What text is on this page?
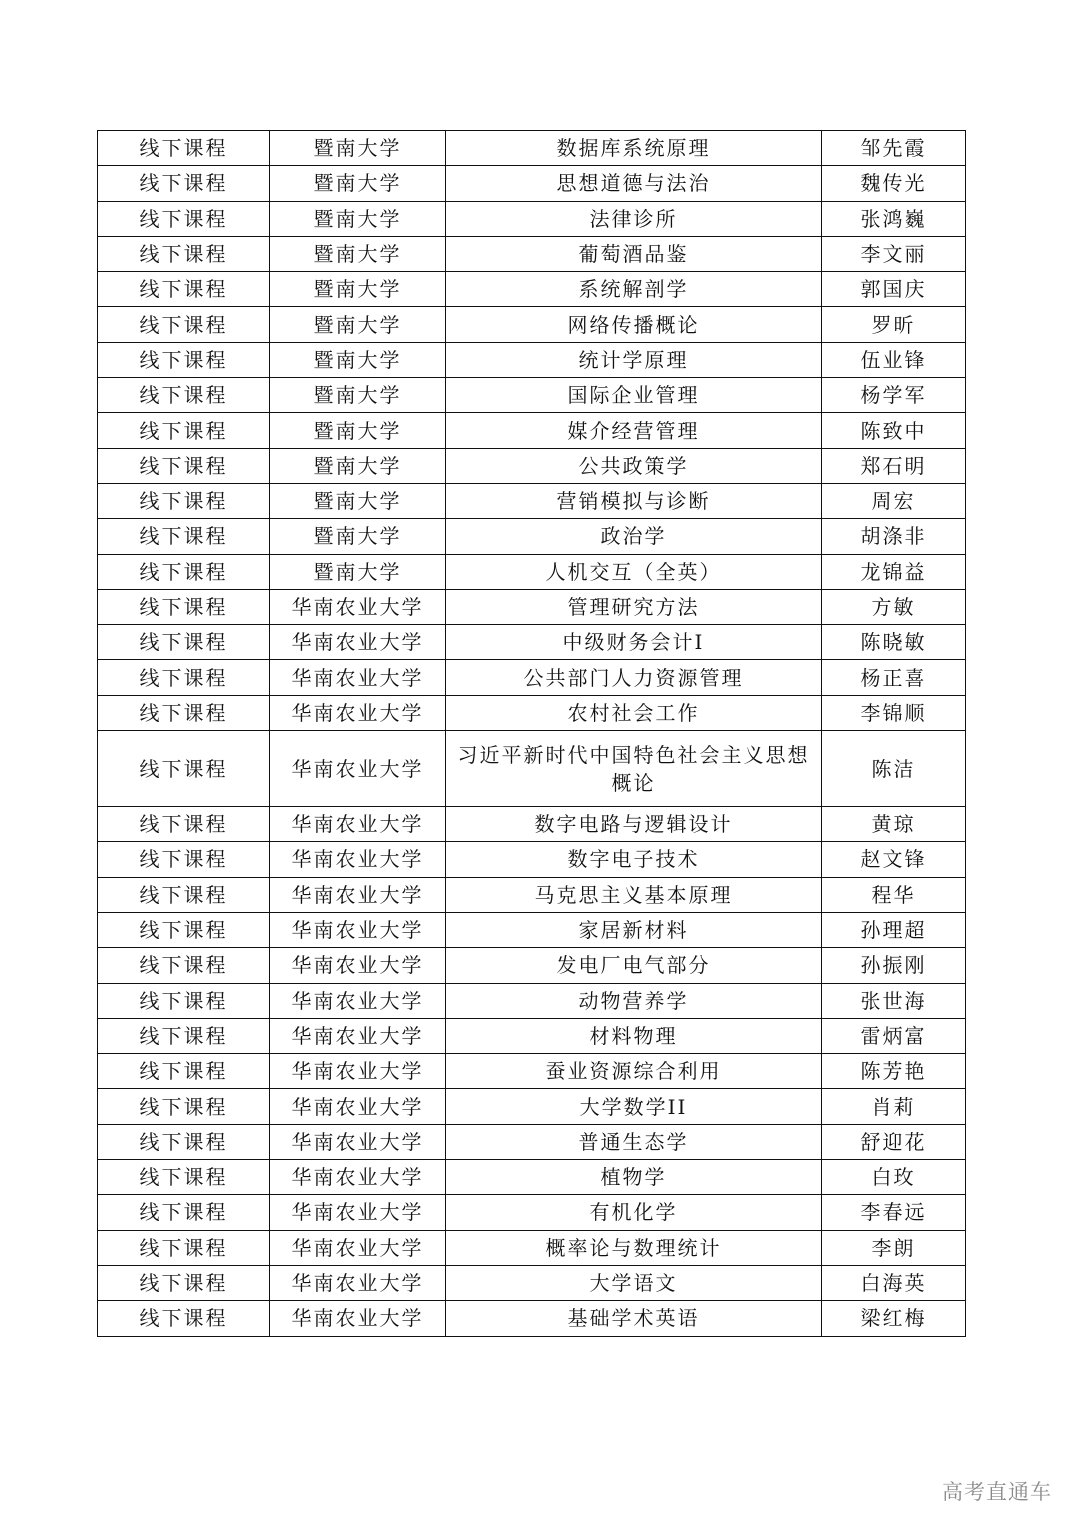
线下课程	暨南大学	数据库系统原理	邹先霞
线下课程	暨南大学	思想道德与法治	魏传光
线下课程	暨南大学	法律诊所	张鸿巍
线下课程	暨南大学	葡萄酒品鉴	李文丽
线下课程	暨南大学	系统解剖学	郭国庆
线下课程	暨南大学	网络传播概论	罗昕
线下课程	暨南大学	统计学原理	伍业锋
线下课程	暨南大学	国际企业管理	杨学军
线下课程	暨南大学	媒介经营管理	陈致中
线下课程	暨南大学	公共政策学	郑石明
线下课程	暨南大学	营销模拟与诊断	周宏
线下课程	暨南大学	政治学	胡涤非
线下课程	暨南大学	人机交互（全英）	龙锦益
线下课程	华南农业大学	管理研究方法	方敏
线下课程	华南农业大学	中级财务会计I	陈晓敏
线下课程	华南农业大学	公共部门人力资源管理	杨正喜
线下课程	华南农业大学	农村社会工作	李锦顺
线下课程	华南农业大学	习近平新时代中国特色社会主义思想概论	陈洁
线下课程	华南农业大学	数字电路与逻辑设计	黄琼
线下课程	华南农业大学	数字电子技术	赵文锋
线下课程	华南农业大学	马克思主义基本原理	程华
线下课程	华南农业大学	家居新材料	孙理超
线下课程	华南农业大学	发电厂电气部分	孙振刚
线下课程	华南农业大学	动物营养学	张世海
线下课程	华南农业大学	材料物理	雷炳富
线下课程	华南农业大学	蚕业资源综合利用	陈芳艳
线下课程	华南农业大学	大学数学II	肖莉
线下课程	华南农业大学	普通生态学	舒迎花
线下课程	华南农业大学	植物学	白玫
线下课程	华南农业大学	有机化学	李春远
线下课程	华南农业大学	概率论与数理统计	李朗
线下课程	华南农业大学	大学语文	白海英
线下课程	华南农业大学	基础学术英语	梁红梅
高考直通车
